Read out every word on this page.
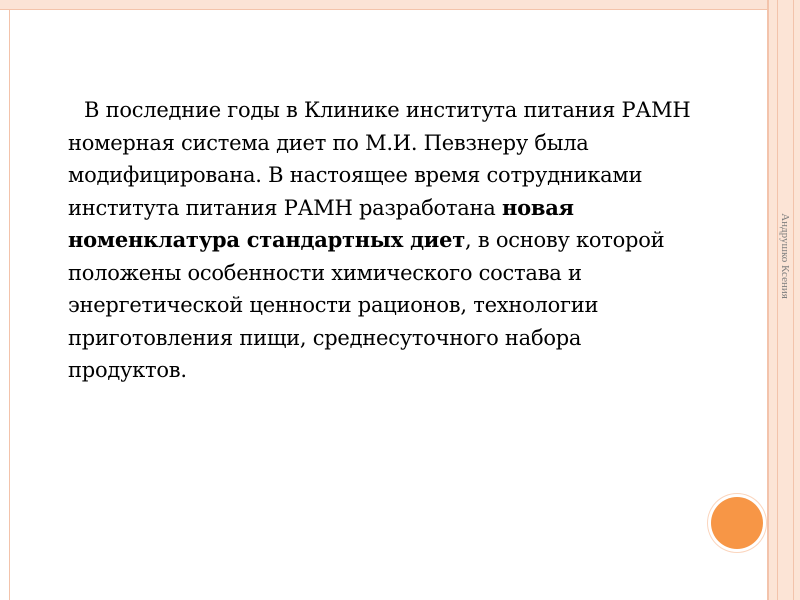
Андрушко Ксения
В последние годы в Клинике института питания РАМН номерная система диет по М.И. Певзнеру была модифицирована. В настоящее время сотрудниками института питания РАМН разработана новая номенклатура стандартных диет, в основу которой положены особенности химического состава и энергетической ценности рационов, технологии приготовления пищи, среднесуточного набора продуктов.
